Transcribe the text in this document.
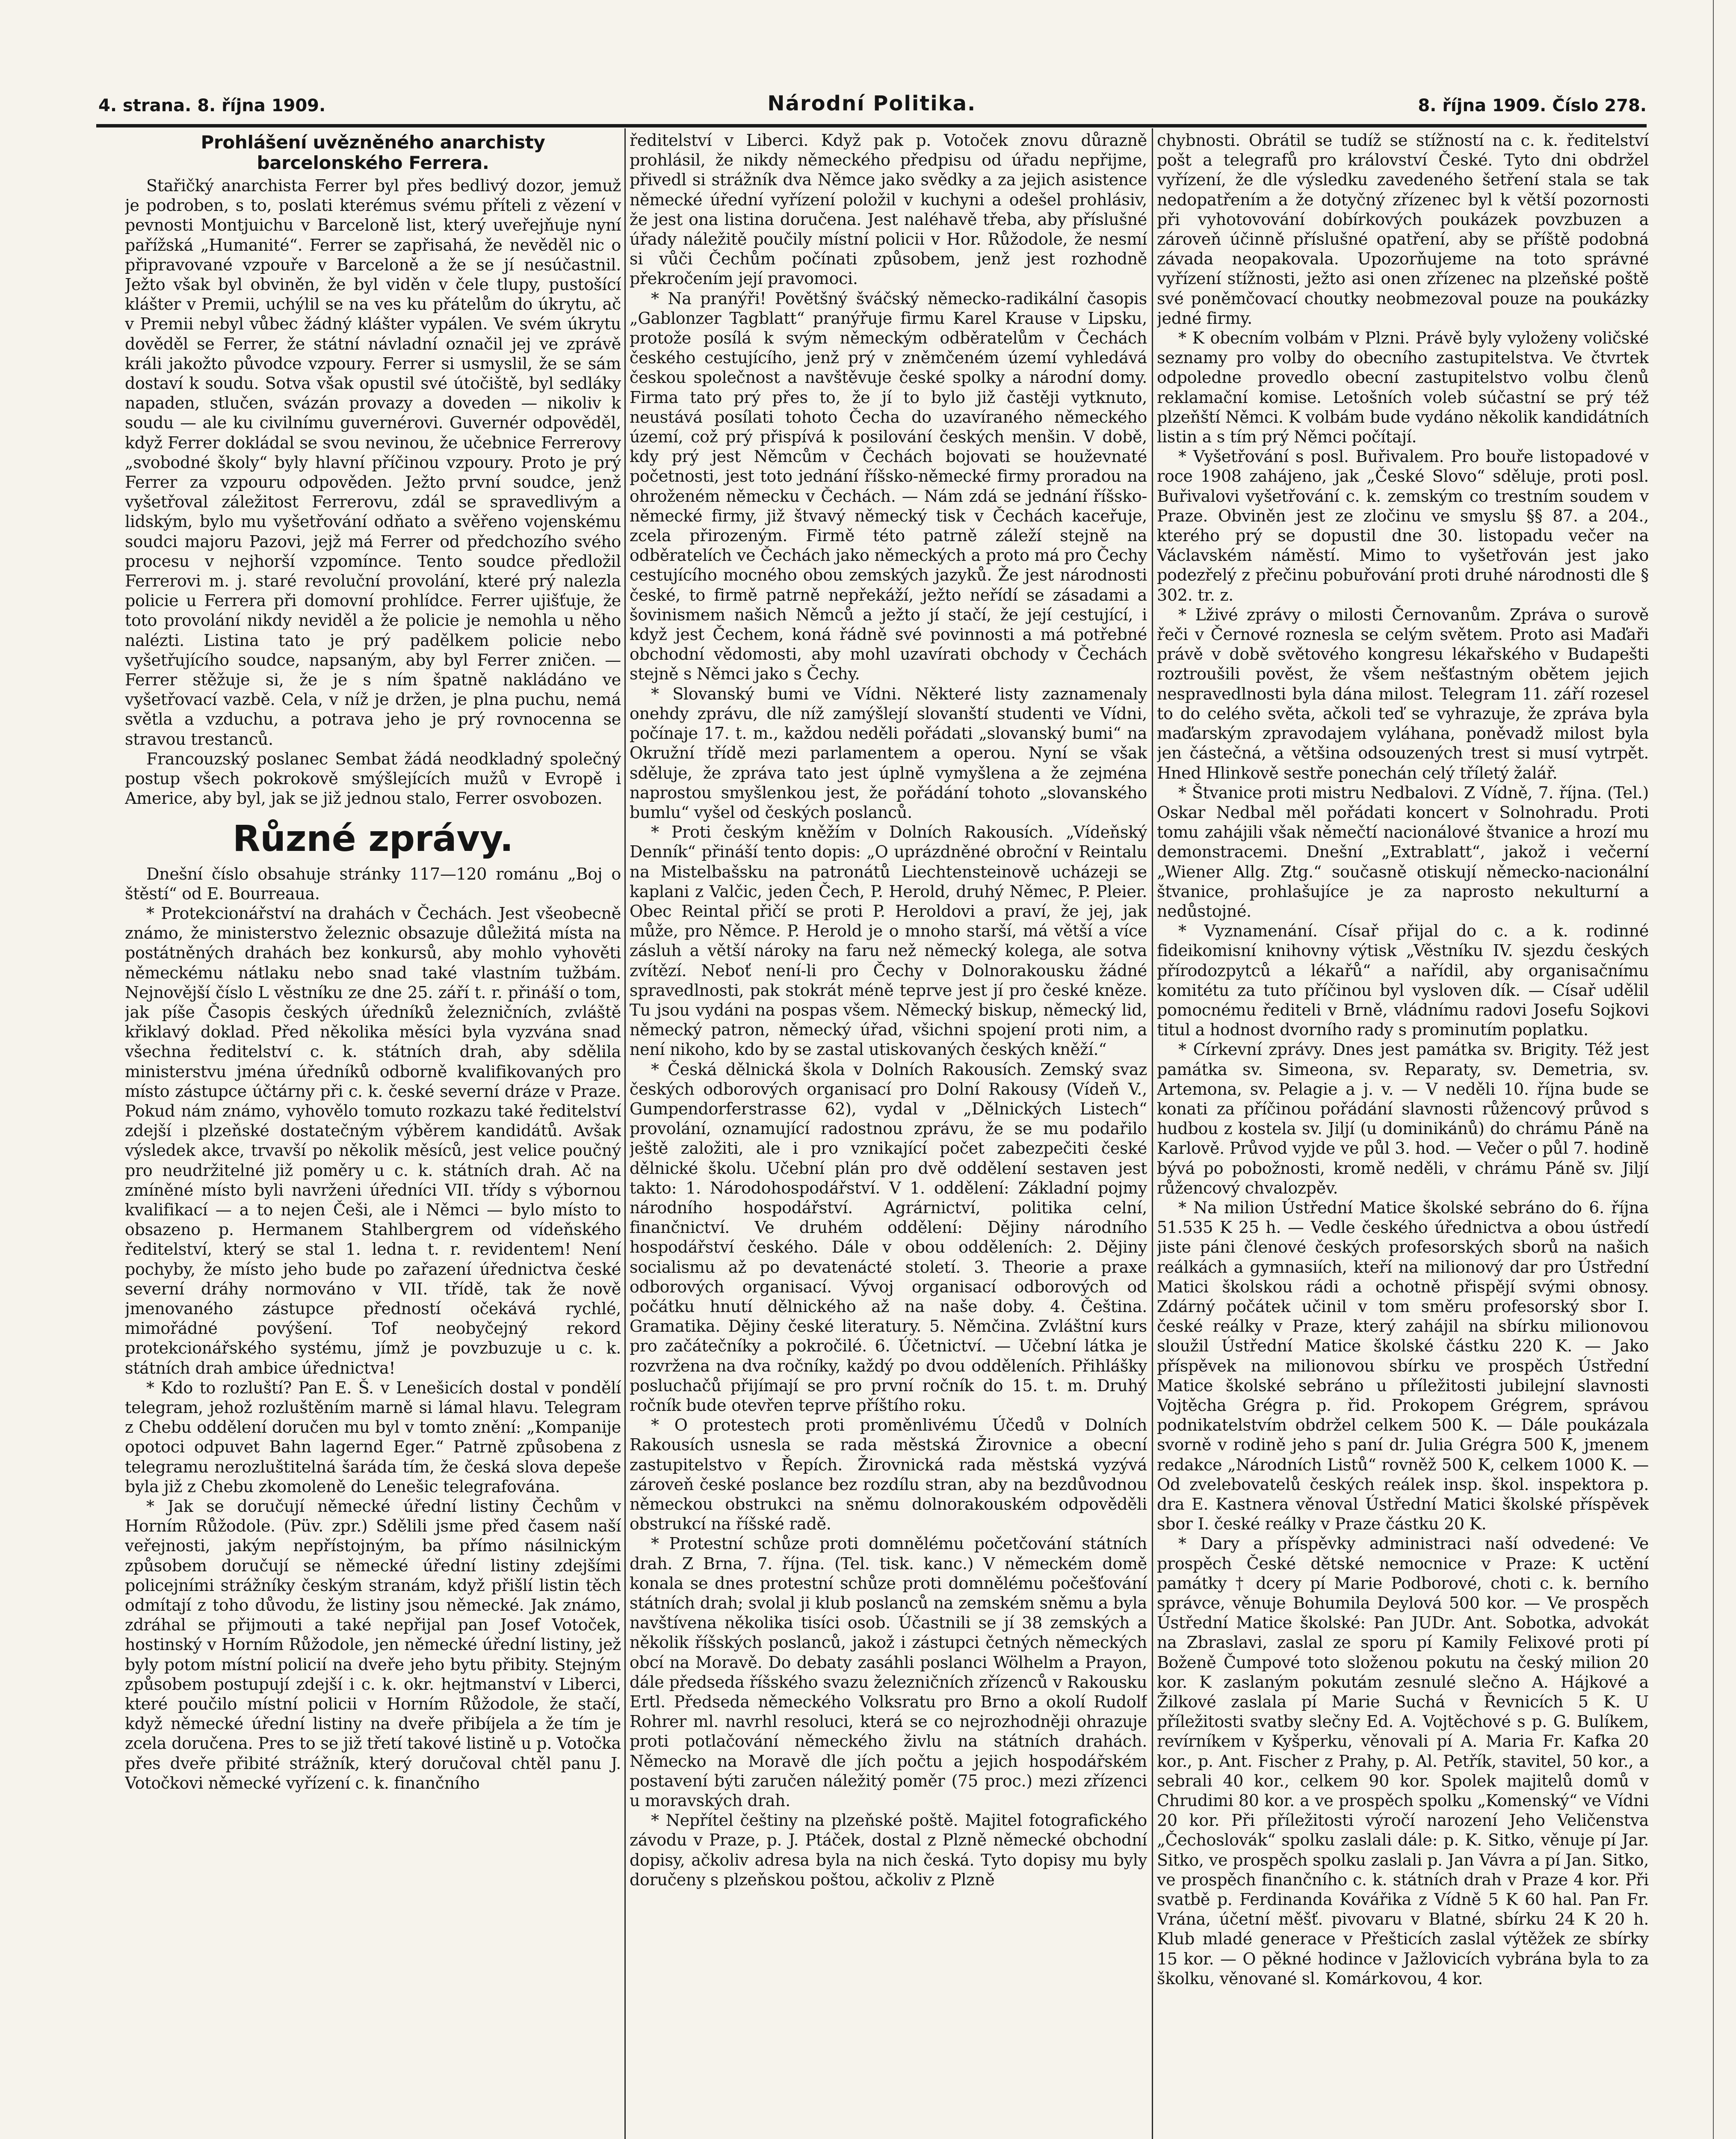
4. strana. 8. října 1909.	Národní Politika.	8. října 1909. Číslo 278.
Prohlášení uvězněného anarchisty barcelonského Ferrera.

Stařičký anarchista Ferrer byl přes bedlivý dozor, jemuž je podroben, s to, poslati kterémus svému příteli z vězení v pevnosti Montjuichu v Barceloně list, který uveřejňuje nyní pařížská „Humanité“. Ferrer se zapřisahá, že nevěděl nic o připravované vzpouře v Barceloně a že se jí nesúčastnil. Ježto však byl obviněn, že byl viděn v čele tlupy, pustošící klášter v Premii, uchýlil se na ves ku přátelům do úkrytu, ač v Premii nebyl vůbec žádný klášter vypálen. Ve svém úkrytu dověděl se Ferrer, že státní návladní označil jej ve zprávě králi jakožto původce vzpoury. Ferrer si usmyslil, že se sám dostaví k soudu. Sotva však opustil své útočiště, byl sedláky napaden, stlučen, svázán provazy a doveden — nikoliv k soudu — ale ku civilnímu guvernérovi. Guvernér odpověděl, když Ferrer dokládal se svou nevinou, že učebnice Ferrerovy „svobodné školy“ byly hlavní příčinou vzpoury. Proto je prý Ferrer za vzpouru odpověden. Ježto první soudce, jenž vyšetřoval záležitost Ferrerovu, zdál se spravedlivým a lidským, bylo mu vyšetřování odňato a svěřeno vojenskému soudci majoru Pazovi, jejž má Ferrer od předchozího svého procesu v nejhorší vzpomínce. Tento soudce předložil Ferrerovi m. j. staré revoluční provolání, které prý nalezla policie u Ferrera při domovní prohlídce. Ferrer ujišťuje, že toto provolání nikdy neviděl a že policie je nemohla u něho nalézti. Listina tato je prý padělkem policie nebo vyšetřujícího soudce, napsaným, aby byl Ferrer zničen. — Ferrer stěžuje si, že je s ním špatně nakládáno ve vyšetřovací vazbě. Cela, v níž je držen, je plna puchu, nemá světla a vzduchu, a potrava jeho je prý rovnocenna se stravou trestanců.

Francouzský poslanec Sembat žádá neodkladný společný postup všech pokrokově smýšlejících mužů v Evropě i Americe, aby byl, jak se již jednou stalo, Ferrer osvobozen.

Různé zprávy.

Dnešní číslo obsahuje stránky 117—120 románu „Boj o štěstí“ od E. Bourreaua.

* Protekcionářství na drahách v Čechách. Jest všeobecně známo, že ministerstvo železnic obsazuje důležitá místa na postátněných drahách bez konkursů, aby mohlo vyhověti německému nátlaku nebo snad také vlastním tužbám. Nejnovější číslo L věstníku ze dne 25. září t. r. přináší o tom, jak píše Časopis českých úředníků železničních, zvláště křiklavý doklad. Před několika měsíci byla vyzvána snad všechna ředitelství c. k. státních drah, aby sdělila ministerstvu jména úředníků odborně kvalifikovaných pro místo zástupce účtárny při c. k. české severní dráze v Praze. Pokud nám známo, vyhovělo tomuto rozkazu také ředitelství zdejší i plzeňské dostatečným výběrem kandidátů. Avšak výsledek akce, trvavší po několik měsíců, jest velice poučný pro neudržitelné již poměry u c. k. státních drah. Ač na zmíněné místo byli navrženi úředníci VII. třídy s výbornou kvalifikací — a to nejen Češi, ale i Němci — bylo místo to obsazeno p. Hermanem Stahlbergrem od vídeňského ředitelství, který se stal 1. ledna t. r. revidentem! Není pochyby, že místo jeho bude po zařazení úřednictva české severní dráhy normováno v VII. třídě, tak že nově jmenovaného zástupce předností očekává rychlé, mimořádné povýšení. Tof neobyčejný rekord protekcionářského systému, jímž je povzbuzuje u c. k. státních drah ambice úřednictva!

* Kdo to rozluští? Pan E. Š. v Lenešicích dostal v pondělí telegram, jehož rozluštěním marně si lámal hlavu. Telegram z Chebu oddělení doručen mu byl v tomto znění: „Kompanije opotoci odpuvet Bahn lagernd Eger.“ Patrně způsobena z telegramu nerozluštitelná šaráda tím, že česká slova depeše byla již z Chebu zkomoleně do Lenešic telegrafována.

* Jak se doručují německé úřední listiny Čechům v Horním Růžodole. (Püv. zpr.) Sdělili jsme před časem naší veřejnosti, jakým nepřístojným, ba přímo násilnickým způsobem doručují se německé úřední listiny zdejšími policejními strážníky českým stranám, když přišlí listin těch odmítají z toho důvodu, že listiny jsou německé. Jak známo, zdráhal se přijmouti a také nepřijal pan Josef Votoček, hostinský v Horním Růžodole, jen německé úřední listiny, jež byly potom místní policií na dveře jeho bytu přibity. Stejným způsobem postupují zdejší i c. k. okr. hejtmanství v Liberci, které poučilo místní policii v Horním Růžodole, že stačí, když německé úřední listiny na dveře přibíjela a že tím je zcela doručena. Pres to se již třetí takové listině u p. Votočka přes dveře přibité strážník, který doručoval chtěl panu J. Votočkovi německé vyřízení c. k. finančního

ředitelství v Liberci. Když pak p. Votoček znovu důrazně prohlásil, že nikdy německého předpisu od úřadu nepřijme, přivedl si strážník dva Němce jako svědky a za jejich asistence německé úřední vyřízení položil v kuchyni a odešel prohlásiv, že jest ona listina doručena. Jest naléhavě třeba, aby příslušné úřady náležitě poučily místní policii v Hor. Růžodole, že nesmí si vůči Čechům počínati způsobem, jenž jest rozhodně překročením její pravomoci.

* Na pranýři! Povětšný šváčský německo-radikální časopis „Gablonzer Tagblatt“ pranýřuje firmu Karel Krause v Lipsku, protože posílá k svým německým odběratelům v Čechách českého cestujícího, jenž prý v zněmčeném území vyhledává českou společnost a navštěvuje české spolky a národní domy. Firma tato prý přes to, že jí to bylo již častěji vytknuto, neustává posílati tohoto Čecha do uzavíraného německého území, což prý přispívá k posilování českých menšin. V době, kdy prý jest Němcům v Čechách bojovati se houževnaté početnosti, jest toto jednání říšsko-německé firmy proradou na ohroženém německu v Čechách. — Nám zdá se jednání říšsko-německé firmy, již štvavý německý tisk v Čechách kaceřuje, zcela přirozeným. Firmě této patrně záleží stejně na odběratelích ve Čechách jako německých a proto má pro Čechy cestujícího mocného obou zemských jazyků. Že jest národnosti české, to firmě patrně nepřekáží, ježto neřídí se zásadami a šovinismem našich Němců a ježto jí stačí, že její cestující, i když jest Čechem, koná řádně své povinnosti a má potřebné obchodní vědomosti, aby mohl uzavírati obchody v Čechách stejně s Němci jako s Čechy.

* Slovanský bumi ve Vídni. Některé listy zaznamenaly onehdy zprávu, dle níž zamýšlejí slovanští studenti ve Vídni, počínaje 17. t. m., každou neděli pořádati „slovanský bumi“ na Okružní třídě mezi parlamentem a operou. Nyní se však sděluje, že zpráva tato jest úplně vymyšlena a že zejména naprostou smyšlenkou jest, že pořádání tohoto „slovanského bumlu“ vyšel od českých poslanců.

* Proti českým kněžím v Dolních Rakousích. „Vídeňský Denník“ přináší tento dopis: „O uprázdněné obroční v Reintalu na Mistelbašsku na patronátů Liechtensteinově ucházeji se kaplani z Valčic, jeden Čech, P. Herold, druhý Němec, P. Pleier. Obec Reintal přičí se proti P. Heroldovi a praví, že jej, jak může, pro Němce. P. Herold je o mnoho starší, má větší a více zásluh a větší nároky na faru než německý kolega, ale sotva zvítězí. Neboť není-li pro Čechy v Dolnorakousku žádné spravedlnosti, pak stokrát méně teprve jest jí pro české kněze. Tu jsou vydáni na pospas všem. Německý biskup, německý lid, německý patron, německý úřad, všichni spojení proti nim, a není nikoho, kdo by se zastal utiskovaných českých kněží.“

* Česká dělnická škola v Dolních Rakousích. Zemský svaz českých odborových organisací pro Dolní Rakousy (Vídeň V., Gumpendorferstrasse 62), vydal v „Dělnických Listech“ provolání, oznamující radostnou zprávu, že se mu podařilo ještě založiti, ale i pro vznikající počet zabezpečiti české dělnické školu. Učební plán pro dvě oddělení sestaven jest takto: 1. Národohospodářství. V 1. oddělení: Základní pojmy národního hospodářství. Agrárnictví, politika celní, finančnictví. Ve druhém oddělení: Dějiny národního hospodářství českého. Dále v obou odděleních: 2. Dějiny socialismu až po devatenácté století. 3. Theorie a praxe odborových organisací. Vývoj organisací odborových od počátku hnutí dělnického až na naše doby. 4. Čeština. Gramatika. Dějiny české literatury. 5. Němčina. Zvláštní kurs pro začátečníky a pokročilé. 6. Účetnictví. — Učební látka je rozvržena na dva ročníky, každý po dvou odděleních. Přihlášky posluchačů přijímají se pro první ročník do 15. t. m. Druhý ročník bude otevřen teprve příštího roku.

* O protestech proti proměnlivému Účedů v Dolních Rakousích usnesla se rada městská Žirovnice a obecní zastupitelstvo v Řepích. Žirovnická rada městská vyzývá zároveň české poslance bez rozdílu stran, aby na bezdůvodnou německou obstrukci na sněmu dolnorakouském odpověděli obstrukcí na říšské radě.

* Protestní schůze proti domnělému početčování státních drah. Z Brna, 7. října. (Tel. tisk. kanc.) V německém domě konala se dnes protestní schůze proti domnělému počešťování státních drah; svolal ji klub poslanců na zemském sněmu a byla navštívena několika tisíci osob. Účastnili se jí 38 zemských a několik říšských poslanců, jakož i zástupci četných německých obcí na Moravě. Do debaty zasáhli poslanci Wölhelm a Prayon, dále předseda říšského svazu železničních zřízenců v Rakousku Ertl. Předseda německého Volksratu pro Brno a okolí Rudolf Rohrer ml. navrhl resoluci, která se co nejrozhodněji ohrazuje proti potlačování německého živlu na státních drahách. Německo na Moravě dle jích počtu a jejich hospodářském postavení býti zaručen náležitý poměr (75 proc.) mezi zřízenci u moravských drah.

* Nepřítel češtiny na plzeňské poště. Majitel fotografického závodu v Praze, p. J. Ptáček, dostal z Plzně německé obchodní dopisy, ačkoliv adresa byla na nich česká. Tyto dopisy mu byly doručeny s plzeňskou poštou, ačkoliv z Plzně

chybnosti. Obrátil se tudíž se stížností na c. k. ředitelství pošt a telegrafů pro království České. Tyto dni obdržel vyřízení, že dle výsledku zavedeného šetření stala se tak nedopatřením a že dotyčný zřízenec byl k větší pozornosti při vyhotovování dobírkových poukázek povzbuzen a zároveň účinně příslušné opatření, aby se příště podobná závada neopakovala. Upozorňujeme na toto správné vyřízení stížnosti, ježto asi onen zřízenec na plzeňské poště své poněmčovací choutky neobmezoval pouze na poukázky jedné firmy.

* K obecním volbám v Plzni. Právě byly vyloženy voličské seznamy pro volby do obecního zastupitelstva. Ve čtvrtek odpoledne provedlo obecní zastupitelstvo volbu členů reklamační komise. Letošních voleb súčastní se prý též plzeňští Němci. K volbám bude vydáno několik kandidátních listin a s tím prý Němci počítají.

* Vyšetřování s posl. Buřivalem. Pro bouře listopadové v roce 1908 zahájeno, jak „České Slovo“ sděluje, proti posl. Buřivalovi vyšetřování c. k. zemským co trestním soudem v Praze. Obviněn jest ze zločinu ve smyslu §§ 87. a 204., kterého prý se dopustil dne 30. listopadu večer na Václavském náměstí. Mimo to vyšetřován jest jako podezřelý z přečinu pobuřování proti druhé národnosti dle § 302. tr. z.

* Lživé zprávy o milosti Černovanům. Zpráva o surově řeči v Černové roznesla se celým světem. Proto asi Maďaři právě v době světového kongresu lékařského v Budapešti roztroušili pověst, že všem nešťastným obětem jejich nespravedlnosti byla dána milost. Telegram 11. září rozesel to do celého světa, ačkoli teď se vyhrazuje, že zpráva byla maďarským zpravodajem vyláhana, poněvadž milost byla jen částečná, a většina odsouzených trest si musí vytrpět. Hned Hlinkově sestře ponechán celý tříletý žalář.

* Štvanice proti mistru Nedbalovi. Z Vídně, 7. října. (Tel.) Oskar Nedbal měl pořádati koncert v Solnohradu. Proti tomu zahájili však němečtí nacionálové štvanice a hrozí mu demonstracemi. Dnešní „Extrablatt“, jakož i večerní „Wiener Allg. Ztg.“ současně otiskují německo-nacionální štvanice, prohlašujíce je za naprosto nekulturní a nedůstojné.

* Vyznamenání. Císař přijal do c. a k. rodinné fideikomisní knihovny výtisk „Věstníku IV. sjezdu českých přírodozpytců a lékařů“ a nařídil, aby organisačnímu komitétu za tuto příčinou byl vysloven dík. — Císař udělil pomocnému řediteli v Brně, vládnímu radovi Josefu Sojkovi titul a hodnost dvorního rady s prominutím poplatku.

* Církevní zprávy. Dnes jest památka sv. Brigity. Též jest památka sv. Simeona, sv. Reparaty, sv. Demetria, sv. Artemona, sv. Pelagie a j. v. — V neděli 10. října bude se konati za příčinou pořádání slavnosti růžencový průvod s hudbou z kostela sv. Jiljí (u dominikánů) do chrámu Páně na Karlově. Průvod vyjde ve půl 3. hod. — Večer o půl 7. hodině bývá po pobožnosti, kromě neděli, v chrámu Páně sv. Jiljí růžencový chvalozpěv.

* Na milion Ústřední Matice školské sebráno do 6. října 51.535 K 25 h. — Vedle českého úřednictva a obou ústředí jiste páni členové českých profesorských sborů na našich reálkách a gymnasiích, kteří na milionový dar pro Ústřední Matici školskou rádi a ochotně přispějí svými obnosy. Zdárný počátek učinil v tom směru profesorský sbor I. české reálky v Praze, který zahájil na sbírku milionovou sloužil Ústřední Matice školské částku 220 K. — Jako příspěvek na milionovou sbírku ve prospěch Ústřední Matice školské sebráno u příležitosti jubilejní slavnosti Vojtěcha Grégra p. řid. Prokopem Grégrem, správou podnikatelstvím obdržel celkem 500 K. — Dále poukázala svorně v rodině jeho s paní dr. Julia Grégra 500 K, jmenem redakce „Národních Listů“ rovněž 500 K, celkem 1000 K. — Od zvelebovatelů českých reálek insp. škol. inspektora p. dra E. Kastnera věnoval Ústřední Matici školské příspěvek sbor I. české reálky v Praze částku 20 K.

* Dary a příspěvky administraci naší odvedené: Ve prospěch České dětské nemocnice v Praze: K uctění památky † dcery pí Marie Podborové, choti c. k. berního správce, věnuje Bohumila Deylová 500 kor. — Ve prospěch Ústřední Matice školské: Pan JUDr. Ant. Sobotka, advokát na Zbraslavi, zaslal ze sporu pí Kamily Felixové proti pí Boženě Čumpové toto složenou pokutu na český milion 20 kor. K zaslaným pokutám zesnulé slečno A. Hájkové a Žilkové zaslala pí Marie Suchá v Řevnicích 5 K. U příležitosti svatby slečny Ed. A. Vojtěchové s p. G. Bulíkem, revírníkem v Kyšperku, věnovali pí A. Maria Fr. Kafka 20 kor., p. Ant. Fischer z Prahy, p. Al. Petřík, stavitel, 50 kor., a sebrali 40 kor., celkem 90 kor. Spolek majitelů domů v Chrudimi 80 kor. a ve prospěch spolku „Komenský“ ve Vídni 20 kor. Při příležitosti výročí narození Jeho Veličenstva „Čechoslovák“ spolku zaslali dále: p. K. Sitko, věnuje pí Jar. Sitko, ve prospěch spolku zaslali p. Jan Vávra a pí Jan. Sitko, ve prospěch finančního c. k. státních drah v Praze 4 kor. Při svatbě p. Ferdinanda Kovářika z Vídně 5 K 60 hal. Pan Fr. Vrána, účetní měšť. pivovaru v Blatné, sbírku 24 K 20 h. Klub mladé generace v Přešticích zaslal výtěžek ze sbírky 15 kor. — O pěkné hodince v Jažlovicích vybrána byla to za školku, věnované sl. Komárkovou, 4 kor.
